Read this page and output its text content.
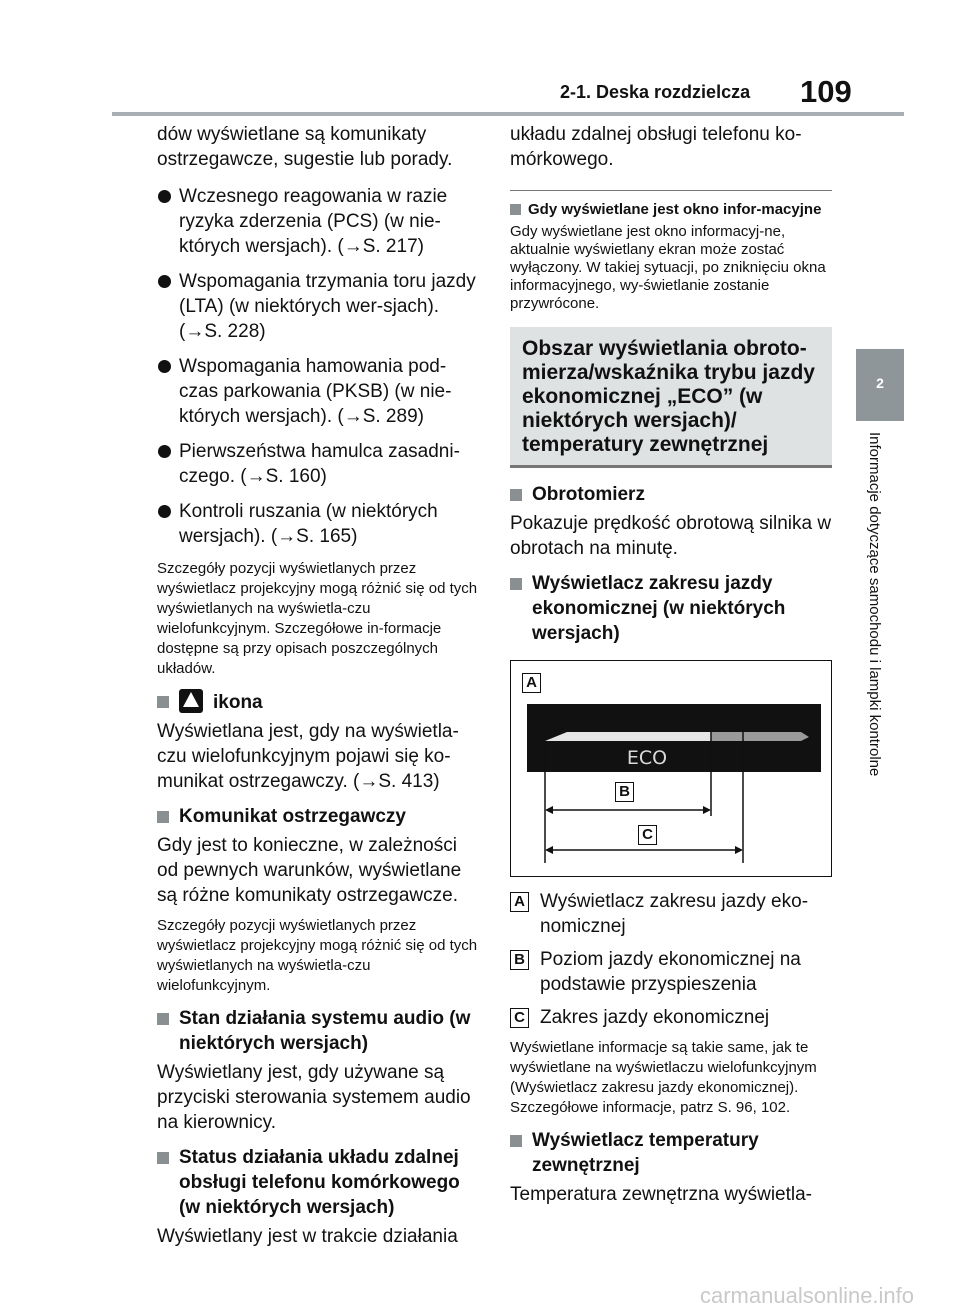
2-1. Deska rozdzielcza 109
2
Informacje dotyczące samochodu i lampki kontrolne
dów wyświetlane są komunikaty ostrzegawcze, sugestie lub porady.
Wczesnego reagowania w razie ryzyka zderzenia (PCS) (w nie-których wersjach). (→S. 217)
Wspomagania trzymania toru jazdy (LTA) (w niektórych wer-sjach). (→S. 228)
Wspomagania hamowania pod-czas parkowania (PKSB) (w nie-których wersjach). (→S. 289)
Pierwszeństwa hamulca zasadni-czego. (→S. 160)
Kontroli ruszania (w niektórych wersjach). (→S. 165)
Szczegóły pozycji wyświetlanych przez wyświetlacz projekcyjny mogą różnić się od tych wyświetlanych na wyświetla-czu wielofunkcyjnym. Szczegółowe in-formacje dostępne są przy opisach poszczególnych układów.
ikona
Wyświetlana jest, gdy na wyświetla-czu wielofunkcyjnym pojawi się ko-munikat ostrzegawczy. (→S. 413)
Komunikat ostrzegawczy
Gdy jest to konieczne, w zależności od pewnych warunków, wyświetlane są różne komunikaty ostrzegawcze.
Szczegóły pozycji wyświetlanych przez wyświetlacz projekcyjny mogą różnić się od tych wyświetlanych na wyświetla-czu wielofunkcyjnym.
Stan działania systemu audio (w niektórych wersjach)
Wyświetlany jest, gdy używane są przyciski sterowania systemem audio na kierownicy.
Status działania układu zdalnej obsługi telefonu komórkowego (w niektórych wersjach)
Wyświetlany jest w trakcie działania
układu zdalnej obsługi telefonu ko-mórkowego.
Gdy wyświetlane jest okno infor-macyjne
Gdy wyświetlane jest okno informacyj-ne, aktualnie wyświetlany ekran może zostać wyłączony. W takiej sytuacji, po zniknięciu okna informacyjnego, wy-świetlanie zostanie przywrócone.
Obszar wyświetlania obroto-mierza/wskaźnika trybu jazdy ekonomicznej „ECO” (w niektórych wersjach)/ temperatury zewnętrznej
Obrotomierz
Pokazuje prędkość obrotową silnika w obrotach na minutę.
Wyświetlacz zakresu jazdy ekonomicznej (w niektórych wersjach)
A
ECO
B
C
A Wyświetlacz zakresu jazdy eko-nomicznej
B Poziom jazdy ekonomicznej na podstawie przyspieszenia
C Zakres jazdy ekonomicznej
Wyświetlane informacje są takie same, jak te wyświetlane na wyświetlaczu wielofunkcyjnym (Wyświetlacz zakresu jazdy ekonomicznej). Szczegółowe informacje, patrz S. 96, 102.
Wyświetlacz temperatury zewnętrznej
Temperatura zewnętrzna wyświetla-
carmanualsonline.info
